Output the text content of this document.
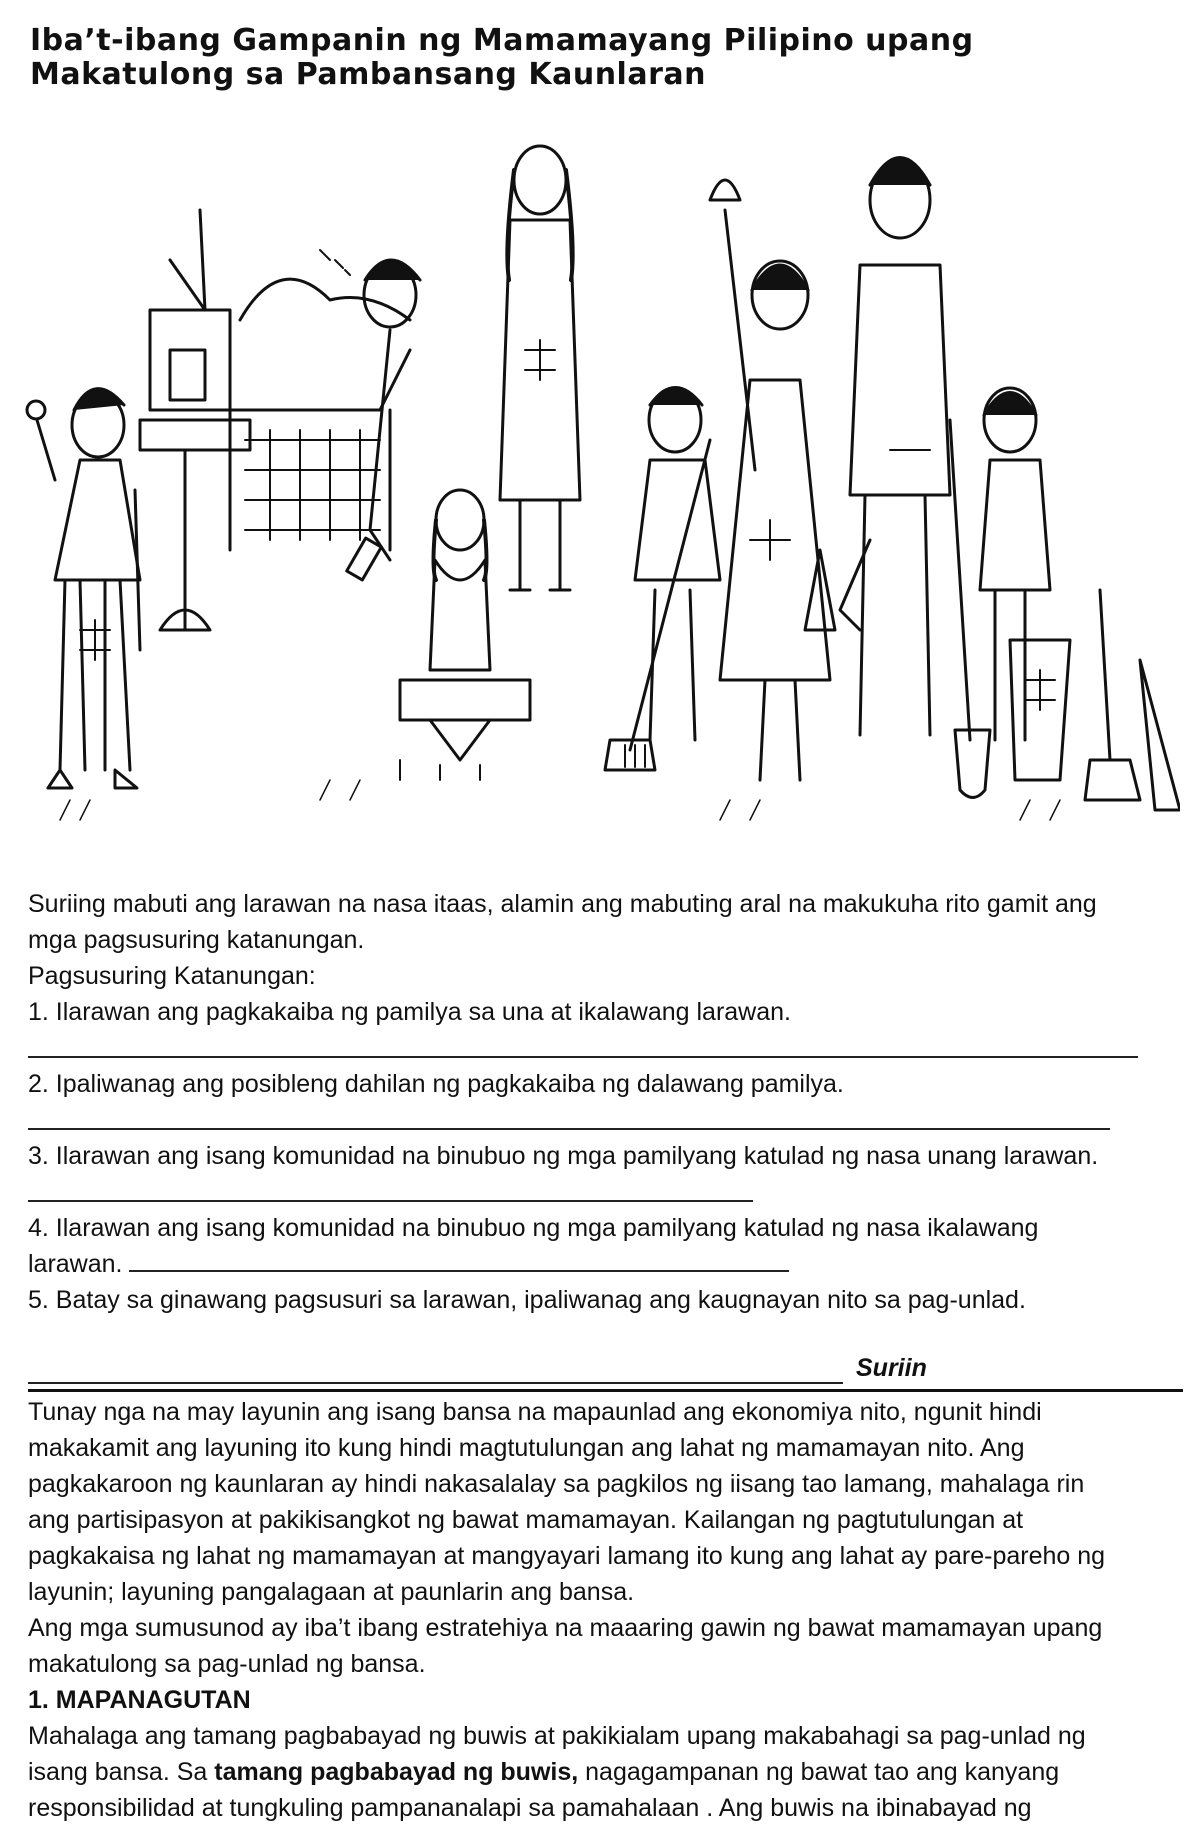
Iba’t-ibang Gampanin ng Mamamayang Pilipino upang Makatulong sa Pambansang Kaunlaran
Suriing mabuti ang larawan na nasa itaas, alamin ang mabuting aral na makukuha rito gamit ang
mga pagsusuring katanungan.
Pagsusuring Katanungan:
1. Ilarawan ang pagkakaiba ng pamilya sa una at ikalawang larawan.
2. Ipaliwanag ang posibleng dahilan ng pagkakaiba ng dalawang pamilya.
3. Ilarawan ang isang komunidad na binubuo ng mga pamilyang katulad ng nasa unang larawan.
4. Ilarawan ang isang komunidad na binubuo ng mga pamilyang katulad ng nasa ikalawang
larawan.
5. Batay sa ginawang pagsusuri sa larawan, ipaliwanag ang kaugnayan nito sa pag-unlad.
Suriin
Tunay nga na may layunin ang isang bansa na mapaunlad ang ekonomiya nito, ngunit hindi
makakamit ang layuning ito kung hindi magtutulungan ang lahat ng mamamayan nito. Ang
pagkakaroon ng kaunlaran ay hindi nakasalalay sa pagkilos ng iisang tao lamang, mahalaga rin
ang partisipasyon at pakikisangkot ng bawat mamamayan. Kailangan ng pagtutulungan at
pagkakaisa ng lahat ng mamamayan at mangyayari lamang ito kung ang lahat ay pare-pareho ng
layunin; layuning pangalagaan at paunlarin ang bansa.
Ang mga sumusunod ay iba’t ibang estratehiya na maaaring gawin ng bawat mamamayan upang
makatulong sa pag-unlad ng bansa.
1. MAPANAGUTAN
Mahalaga ang tamang pagbabayad ng buwis at pakikialam upang makabahagi sa pag-unlad ng
isang bansa. Sa tamang pagbabayad ng buwis, nagagampanan ng bawat tao ang kanyang
responsibilidad at tungkuling pampananalapi sa pamahalaan . Ang buwis na ibinabayad ng
